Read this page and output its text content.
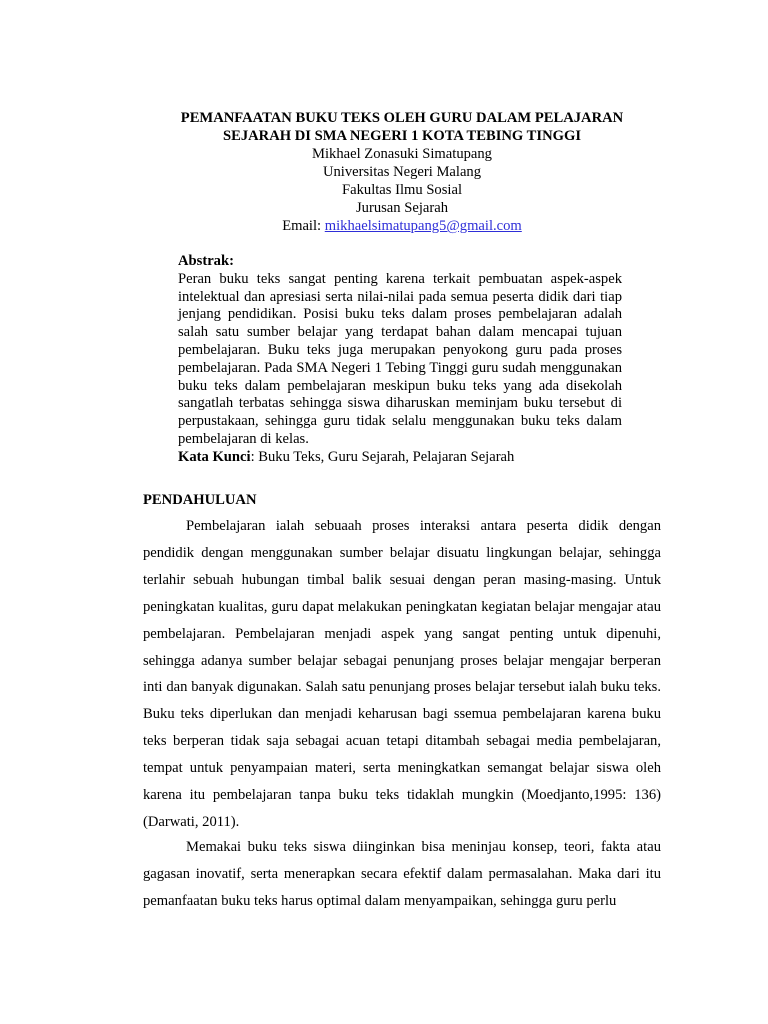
PEMANFAATAN BUKU TEKS OLEH GURU DALAM PELAJARAN
SEJARAH DI SMA NEGERI 1 KOTA TEBING TINGGI
Mikhael Zonasuki Simatupang
Universitas Negeri Malang
Fakultas Ilmu Sosial
Jurusan Sejarah
Email: mikhaelsimatupang5@gmail.com
Abstrak:
Peran buku teks sangat penting karena terkait pembuatan aspek-aspek intelektual dan apresiasi serta nilai-nilai pada semua peserta didik dari tiap jenjang pendidikan. Posisi buku teks dalam proses pembelajaran adalah salah satu sumber belajar yang terdapat bahan dalam mencapai tujuan pembelajaran. Buku teks juga merupakan penyokong guru pada proses pembelajaran. Pada SMA Negeri 1 Tebing Tinggi guru sudah menggunakan buku teks dalam pembelajaran meskipun buku teks yang ada disekolah sangatlah terbatas sehingga siswa diharuskan meminjam buku tersebut di perpustakaan, sehingga guru tidak selalu menggunakan buku teks dalam pembelajaran di kelas.
Kata Kunci: Buku Teks, Guru Sejarah, Pelajaran Sejarah
PENDAHULUAN
Pembelajaran ialah sebuaah proses interaksi antara peserta didik dengan pendidik dengan menggunakan sumber belajar disuatu lingkungan belajar, sehingga terlahir sebuah hubungan timbal balik sesuai dengan peran masing-masing. Untuk peningkatan kualitas, guru dapat melakukan peningkatan kegiatan belajar mengajar atau pembelajaran. Pembelajaran menjadi aspek yang sangat penting untuk dipenuhi, sehingga adanya sumber belajar sebagai penunjang proses belajar mengajar berperan inti dan banyak digunakan. Salah satu penunjang proses belajar tersebut ialah buku teks. Buku teks diperlukan dan menjadi keharusan bagi ssemua pembelajaran karena buku teks berperan tidak saja sebagai acuan tetapi ditambah sebagai media pembelajaran, tempat untuk penyampaian materi, serta meningkatkan semangat belajar siswa oleh karena itu pembelajaran tanpa buku teks tidaklah mungkin (Moedjanto,1995: 136) (Darwati, 2011).
Memakai buku teks siswa diinginkan bisa meninjau konsep, teori, fakta atau gagasan inovatif, serta menerapkan secara efektif dalam permasalahan. Maka dari itu pemanfaatan buku teks harus optimal dalam menyampaikan, sehingga guru perlu
